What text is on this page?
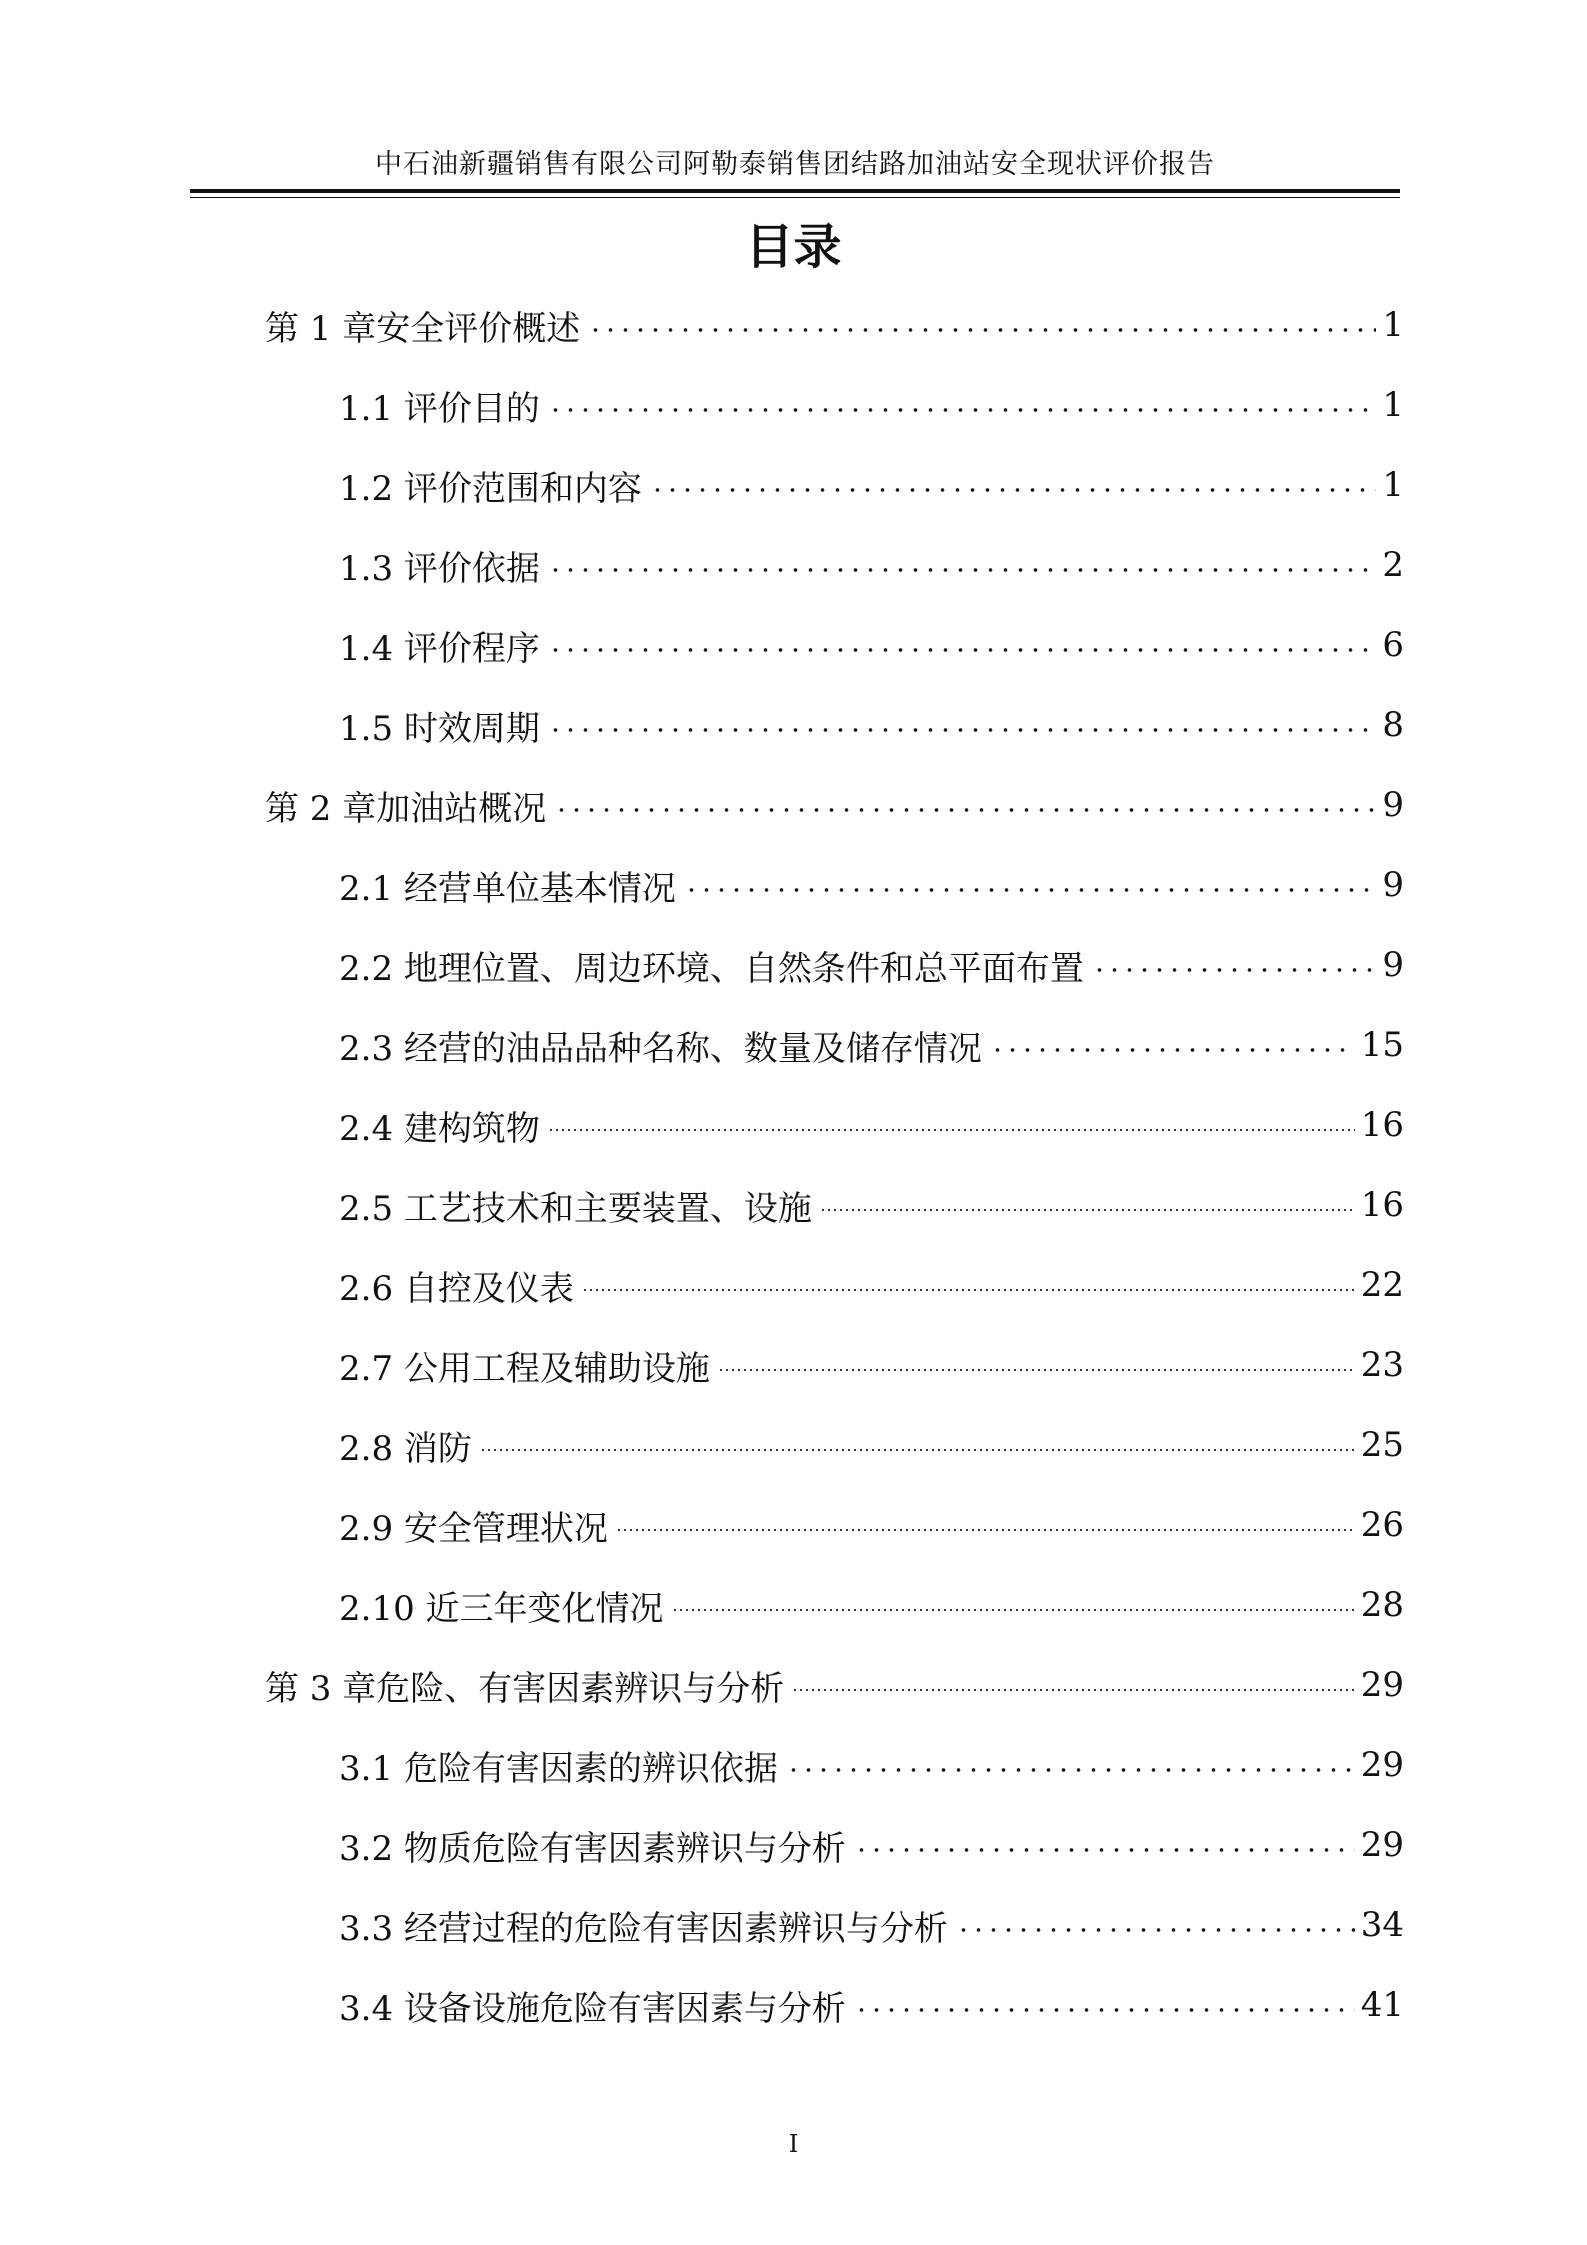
中石油新疆销售有限公司阿勒泰销售团结路加油站安全现状评价报告
目录
第 1 章安全评价概述	1
1.1 评价目的	1
1.2 评价范围和内容	1
1.3 评价依据	2
1.4 评价程序	6
1.5 时效周期	8
第 2 章加油站概况	9
2.1 经营单位基本情况	9
2.2 地理位置、周边环境、自然条件和总平面布置	9
2.3 经营的油品品种名称、数量及储存情况	15
2.4 建构筑物	16
2.5 工艺技术和主要装置、设施	16
2.6 自控及仪表	22
2.7 公用工程及辅助设施	23
2.8 消防	25
2.9 安全管理状况	26
2.10 近三年变化情况	28
第 3 章危险、有害因素辨识与分析	29
3.1 危险有害因素的辨识依据	29
3.2 物质危险有害因素辨识与分析	29
3.3 经营过程的危险有害因素辨识与分析	34
3.4 设备设施危险有害因素与分析	41
I
